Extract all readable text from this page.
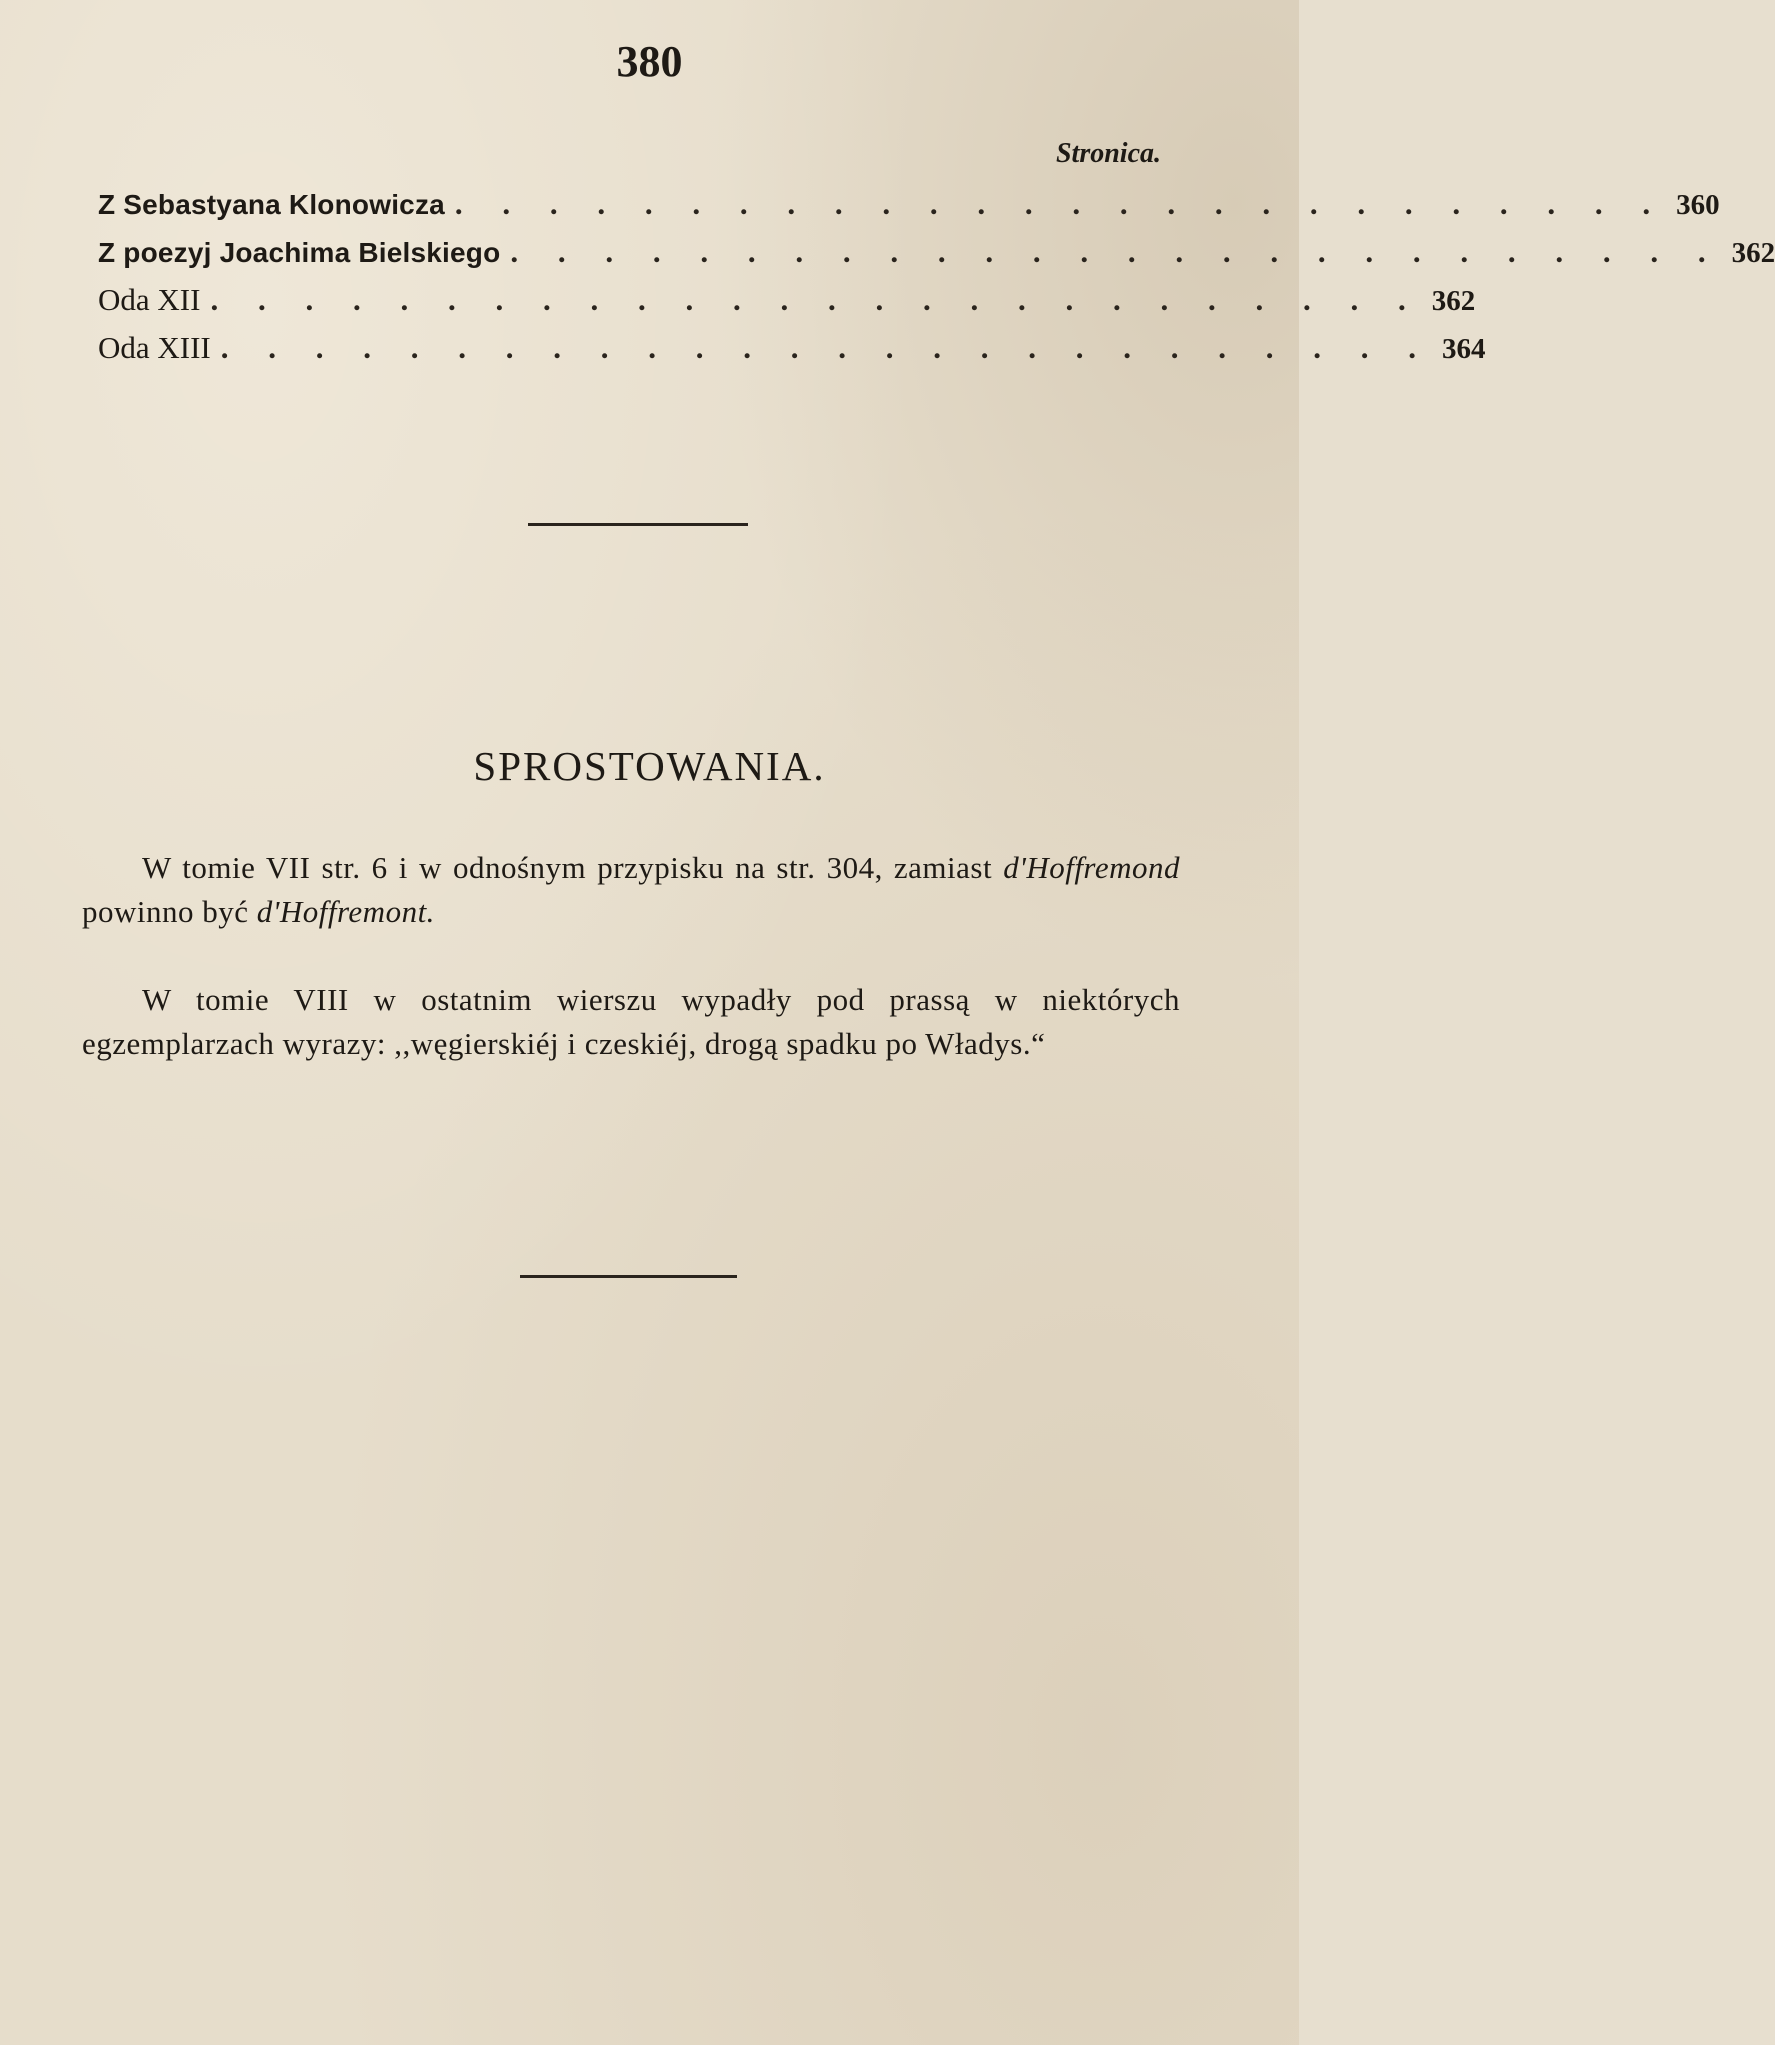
380
Stronica.
Z Sebastyana Klonowicza . . . . . . . . . . . . . . . . . . . . . . . . . . 360
Z poezyj Joachima Bielskiego . . . . . . . . . . . . . . . . . . . . . . . . . . 362
Oda XII . . . . . . . . . . . . . . . . . . . . . . . . . . 362
Oda XIII . . . . . . . . . . . . . . . . . . . . . . . . . . 364
SPROSTOWANIA.

W tomie VII str. 6 i w odnośnym przypisku na str. 304, zamiast d'Hoffremond powinno być d'Hoffremont.

W tomie VIII w ostatnim wierszu wypadły pod prassą w niektórych egzemplarzach wyrazy: ,,węgierskiéj i czeskiéj, drogą spadku po Władys.“
